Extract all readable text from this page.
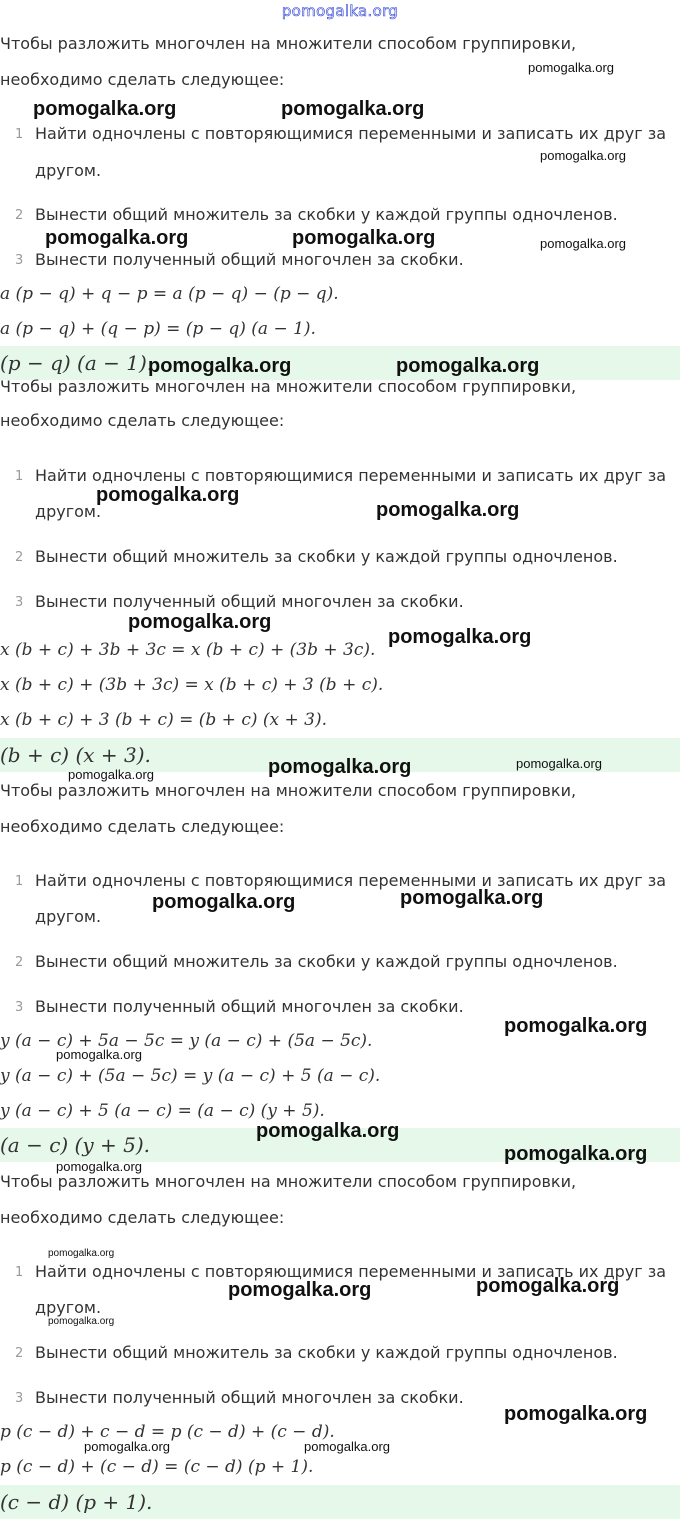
pomogalka.org
Чтобы разложить многочлен на множители способом группировки,
необходимо сделать следующее:
1 Найти одночлены с повторяющимися переменными и записать их друг за
другом.
2 Вынести общий множитель за скобки у каждой группы одночленов.
3 Вынести полученный общий многочлен за скобки.
a (p − q) + q − p = a (p − q) − (p − q).
a (p − q) + (q − p) = (p − q) (a − 1).
(p − q) (a − 1).
Чтобы разложить многочлен на множители способом группировки,
необходимо сделать следующее:
1 Найти одночлены с повторяющимися переменными и записать их друг за
другом.
2 Вынести общий множитель за скобки у каждой группы одночленов.
3 Вынести полученный общий многочлен за скобки.
x (b + c) + 3b + 3c = x (b + c) + (3b + 3c).
x (b + c) + (3b + 3c) = x (b + c) + 3 (b + c).
x (b + c) + 3 (b + c) = (b + c) (x + 3).
(b + c) (x + 3).
Чтобы разложить многочлен на множители способом группировки,
необходимо сделать следующее:
1 Найти одночлены с повторяющимися переменными и записать их друг за
другом.
2 Вынести общий множитель за скобки у каждой группы одночленов.
3 Вынести полученный общий многочлен за скобки.
y (a − c) + 5a − 5c = y (a − c) + (5a − 5c).
y (a − c) + (5a − 5c) = y (a − c) + 5 (a − c).
y (a − c) + 5 (a − c) = (a − c) (y + 5).
(a − c) (y + 5).
Чтобы разложить многочлен на множители способом группировки,
необходимо сделать следующее:
1 Найти одночлены с повторяющимися переменными и записать их друг за
другом.
2 Вынести общий множитель за скобки у каждой группы одночленов.
3 Вынести полученный общий многочлен за скобки.
p (c − d) + c − d = p (c − d) + (c − d).
p (c − d) + (c − d) = (c − d) (p + 1).
(c − d) (p + 1).
pomogalka.org
pomogalka.org	pomogalka.org
pomogalka.org
pomogalka.org	pomogalka.org	pomogalka.org
pomogalka.org	pomogalka.org
pomogalka.org
pomogalka.org
pomogalka.org
pomogalka.org
pomogalka.org	pomogalka.org	pomogalka.org
pomogalka.org	pomogalka.org
pomogalka.org
pomogalka.org
pomogalka.org
pomogalka.org
pomogalka.org
pomogalka.org
pomogalka.org	pomogalka.org
pomogalka.org
pomogalka.org
pomogalka.org	pomogalka.org
